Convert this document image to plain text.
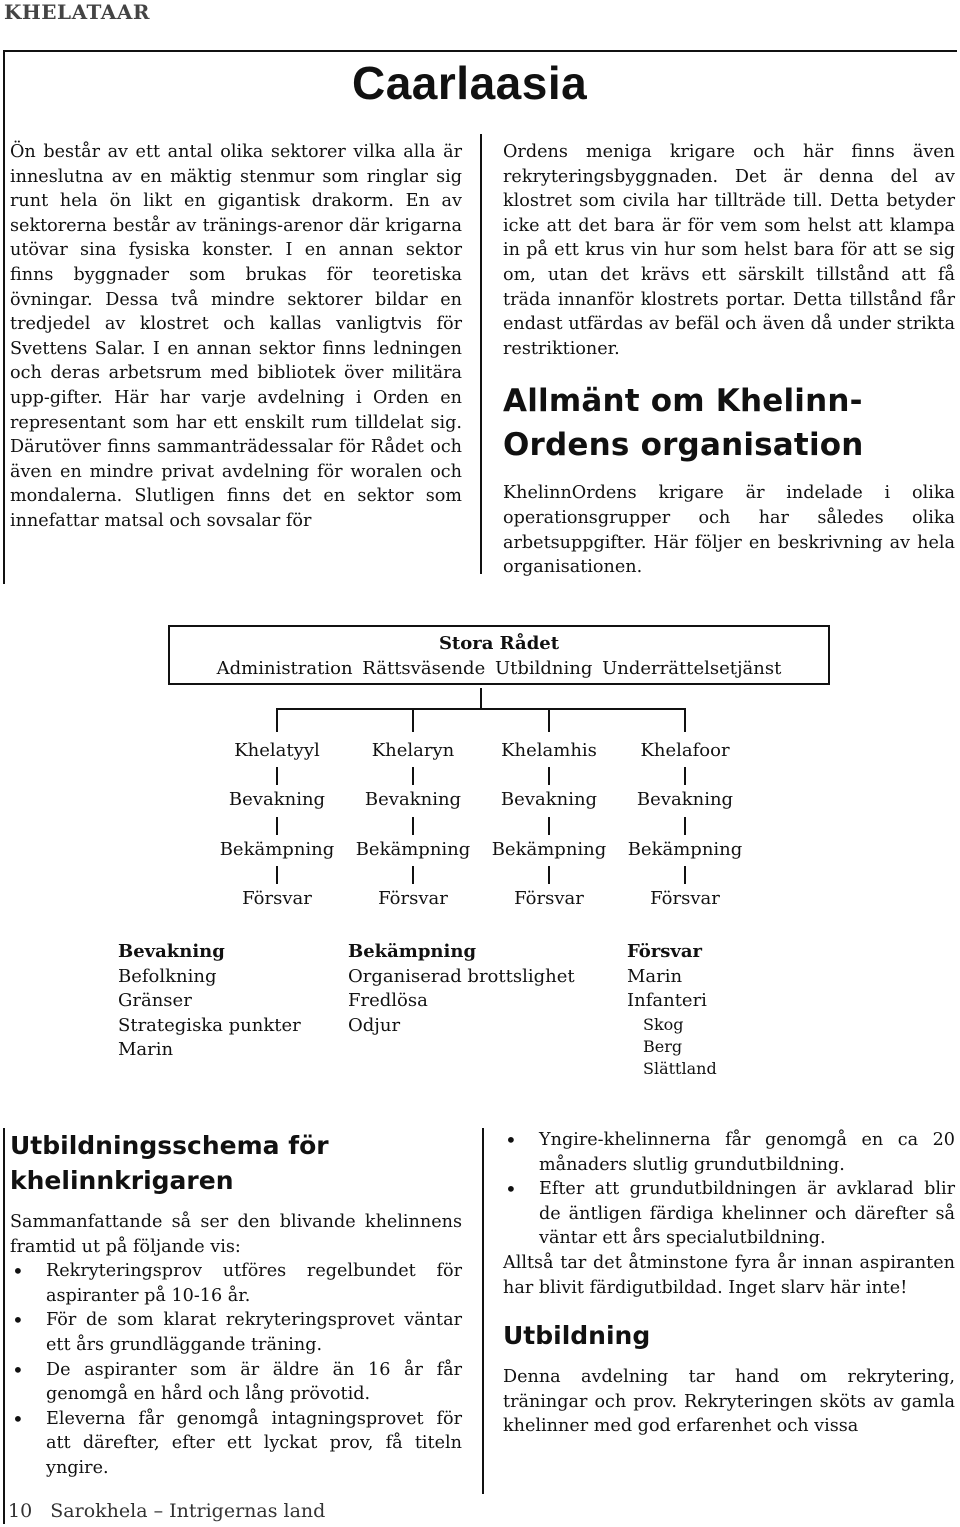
KHELATAAR
Caarlaasia

Ön består av ett antal olika sektorer vilka alla är inneslutna av en mäktig stenmur som ringlar sig runt hela ön likt en gigantisk drakorm. En av sektorerna består av tränings-arenor där krigarna utövar sina fysiska konster. I en annan sektor finns byggnader som brukas för teoretiska övningar. Dessa två mindre sektorer bildar en tredjedel av klostret och kallas vanligtvis för Svettens Salar. I en annan sektor finns ledningen och deras arbetsrum med bibliotek över militära upp-gifter. Här har varje avdelning i Orden en representant som har ett enskilt rum tilldelat sig. Därutöver finns sammanträdessalar för Rådet och även en mindre privat avdelning för woralen och mondalerna. Slutligen finns det en sektor som innefattar matsal och sovsalar för

Ordens meniga krigare och här finns även rekryteringsbyggnaden. Det är denna del av klostret som civila har tillträde till. Detta betyder icke att det bara är för vem som helst att klampa in på ett krus vin hur som helst bara för att se sig om, utan det krävs ett särskilt tillstånd att få träda innanför klostrets portar. Detta tillstånd får endast utfärdas av befäl och även då under strikta restriktioner.

Allmänt om Khelinn-
Ordens organisation

KhelinnOrdens krigare är indelade i olika operationsgrupper och har således olika arbetsuppgifter. Här följer en beskrivning av hela organisationen.

Stora Rådet
Administration Rättsväsende Utbildning Underrättelsetjänst
Khelatyyl
Bevakning
Bekämpning
Försvar
Khelaryn
Bevakning
Bekämpning
Försvar
Khelamhis
Bevakning
Bekämpning
Försvar
Khelafoor
Bevakning
Bekämpning
Försvar
Bevakning
Befolkning
Gränser
Strategiska punkter
Marin
Bekämpning
Organiserad brottslighet
Fredlösa
Odjur
Försvar
Marin
Infanteri
Skog
Berg
Slättland
Utbildningsschema för
khelinnkrigaren

Sammanfattande så ser den blivande khelinnens framtid ut på följande vis:

• Rekryteringsprov utföres regelbundet för aspiranter på 10-16 år.
• För de som klarat rekryteringsprovet väntar ett års grundläggande träning.
• De aspiranter som är äldre än 16 år får genomgå en hård och lång prövotid.
• Eleverna får genomgå intagningsprovet för att därefter, efter ett lyckat prov, få titeln yngire.
• Yngire-khelinnerna får genomgå en ca 20 månaders slutlig grundutbildning.
• Efter att grundutbildningen är avklarad blir de äntligen färdiga khelinner och därefter så väntar ett års specialutbildning.

Alltså tar det åtminstone fyra år innan aspiranten har blivit färdigutbildad. Inget slarv här inte!

Utbildning

Denna avdelning tar hand om rekrytering, träningar och prov. Rekryteringen sköts av gamla khelinner med god erfarenhet och vissa

10   Sarokhela – Intrigernas land
